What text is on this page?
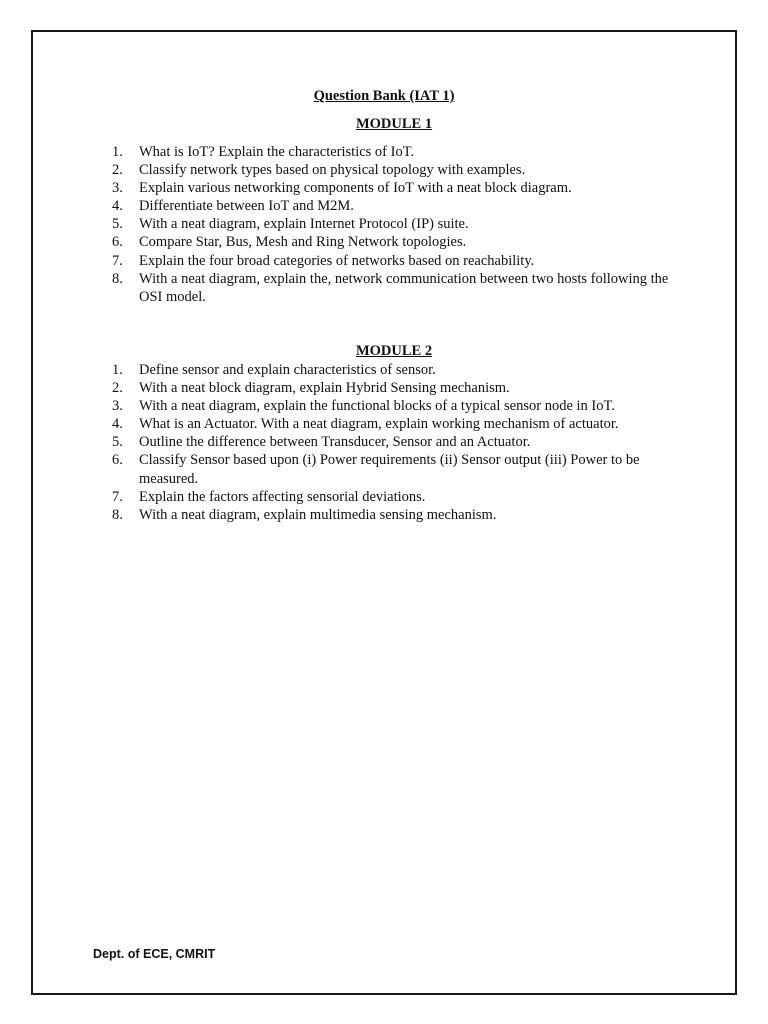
Question Bank (IAT 1)
MODULE 1
1.	What is IoT? Explain the characteristics of IoT.
2.	Classify network types based on physical topology with examples.
3.	Explain various networking components of IoT with a neat block diagram.
4.	Differentiate between IoT and M2M.
5.	With a neat diagram, explain Internet Protocol (IP) suite.
6.	Compare Star, Bus, Mesh and Ring Network topologies.
7.	Explain the four broad categories of networks based on reachability.
8.	With a neat diagram, explain the, network communication between two hosts following the OSI model.
MODULE 2
1.	Define sensor and explain characteristics of sensor.
2.	With a neat block diagram, explain Hybrid Sensing mechanism.
3.	With a neat diagram, explain the functional blocks of a typical sensor node in IoT.
4.	What is an Actuator. With a neat diagram, explain working mechanism of actuator.
5.	Outline the difference between Transducer, Sensor and an Actuator.
6.	Classify Sensor based upon (i) Power requirements (ii) Sensor output (iii) Power to be measured.
7.	Explain the factors affecting sensorial deviations.
8.	With a neat diagram, explain multimedia sensing mechanism.
Dept. of ECE, CMRIT
